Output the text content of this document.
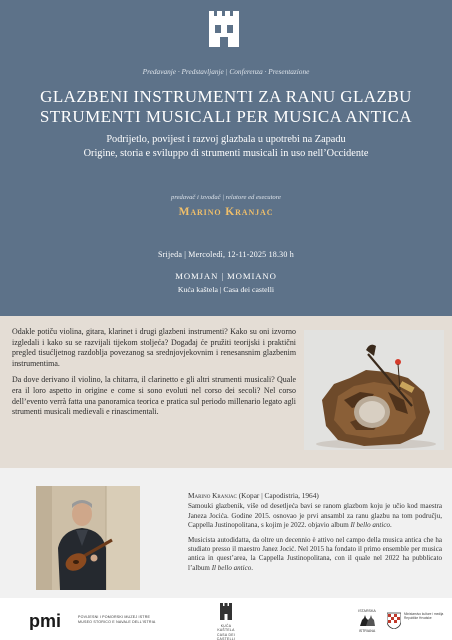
Predavanje · Predstavljanje | Conferenza · Presentazione
GLAZBENI INSTRUMENTI ZA RANU GLAZBU
STRUMENTI MUSICALI PER MUSICA ANTICA
Podrijetlo, povijest i razvoj glazbala u upotrebi na Zapadu
Origine, storia e sviluppo di strumenti musicali in uso nell’Occidente
predavač i izvođač | relatore ed esecutore
Marino Kranjac
Srijeda | Mercoledì, 12-11-2025 18.30 h
MOMJAN | MOMIANO
Kuća kaštela | Casa dei castelli

Odakle potiču violina, gitara, klarinet i drugi glazbeni instrumenti? Kako su oni izvorno izgledali i kako su se razvijali tijekom stoljeća? Događaj će pružiti teorijski i praktični pregled tisućljetnog razdoblja povezanog sa srednjovjekovnim i renesansnim glazbenim instrumentima.

Da dove derivano il violino, la chitarra, il clarinetto e gli altri strumenti musicali? Quale era il loro aspetto in origine e come si sono evoluti nel corso dei secoli? Nel corso dell’evento verrà fatta una panoramica teorica e pratica sul periodo millenario legato agli strumenti musicali medievali e rinascimentali.

Marino Kranjac (Kopar | Capodistria, 1964)

Samouki glazbenik, više od desetljeća bavi se ranom glazbom koju je učio kod maestra Janeza Jocića. Godine 2015. osnovao je prvi ansambl za ranu glazbu na tom području, Cappella Justinopolitana, s kojim je 2022. objavio album Il bello antico.

Musicista autodidatta, da oltre un decennio è attivo nel campo della musica antica che ha studiato presso il maestro Janez Jocić. Nel 2015 ha fondato il primo ensemble per musica antica in quest’area, la Cappella Justinopolitana, con il quale nel 2022 ha pubblicato l’album Il bello antico.

pmi	POVIJESNI I POMORSKI MUZEJ ISTRE
MUSEO STORICO E NAVALE DELL’ISTRIA
KUĆA KAŠTELA
CASA DEI CASTELLI
ISTARSKA
ISTRIANA
Ministarstvo kulture i medija Republike Hrvatske
